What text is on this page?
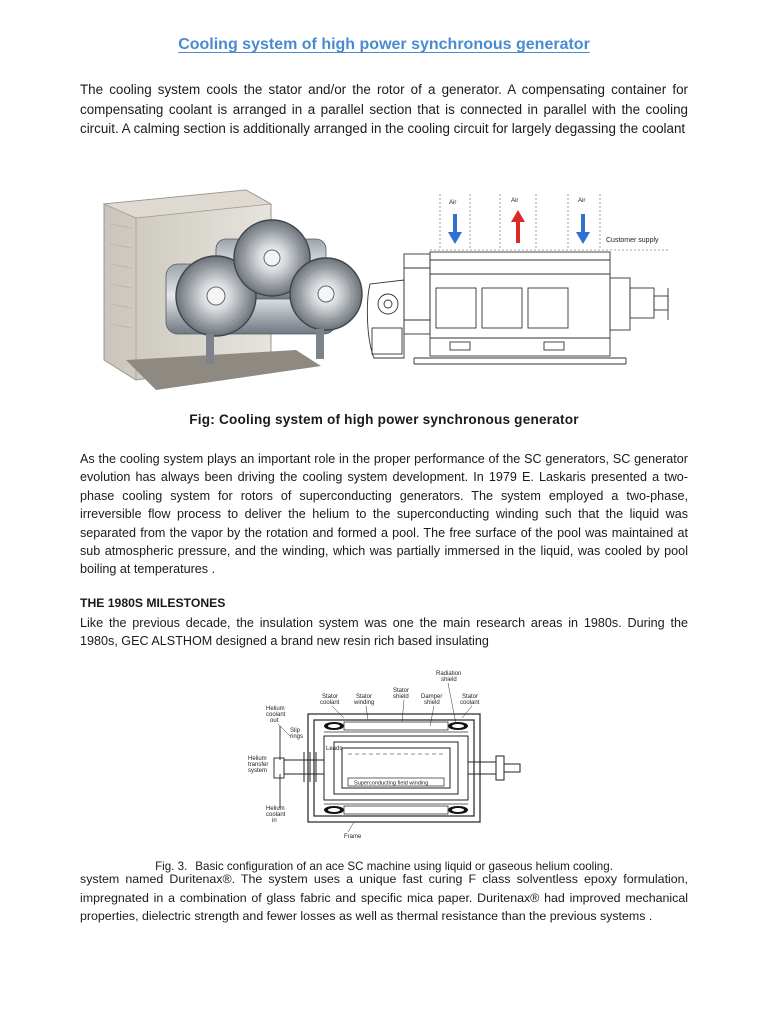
Cooling system of high power synchronous generator

The cooling system cools the stator and/or the rotor of a generator. A compensating container for compensating coolant is arranged in a parallel section that is connected in parallel with the cooling circuit. A calming section is additionally arranged in the cooling circuit for largely degassing the coolant

Air	Air	Air
Customer supply
Fig: Cooling system of high power synchronous generator

As the cooling system plays an important role in the proper performance of the SC generators, SC generator evolution has always been driving the cooling system development. In 1979 E. Laskaris presented a two-phase cooling system for rotors of superconducting generators. The system employed a two-phase, irreversible flow process to deliver the helium to the superconducting winding such that the liquid was separated from the vapor by the rotation and formed a pool. The free surface of the pool was maintained at sub atmospheric pressure, and the winding, which was partially immersed in the liquid, was cooled by pool boiling at temperatures .

THE 1980S MILESTONES

Like the previous decade, the insulation system was one the main research areas in 1980s. During the 1980s, GEC ALSTHOM designed a brand new resin rich based insulating

Radiation
shield
Stator
coolant
Stator
winding
Stator
shield Damper
shield
Stator
coolant
Helium
coolant
out
Slip
rings
Leads
Helium
transfer
system
Helium
coolant
in
Frame
Superconducting field winding
Fig. 3. Basic configuration of an ace SC machine using liquid or gaseous helium cooling.

system named Duritenax®. The system uses a unique fast curing F class solventless epoxy formulation, impregnated in a combination of glass fabric and specific mica paper. Duritenax® had improved mechanical properties, dielectric strength and fewer losses as well as thermal resistance than the previous systems .
